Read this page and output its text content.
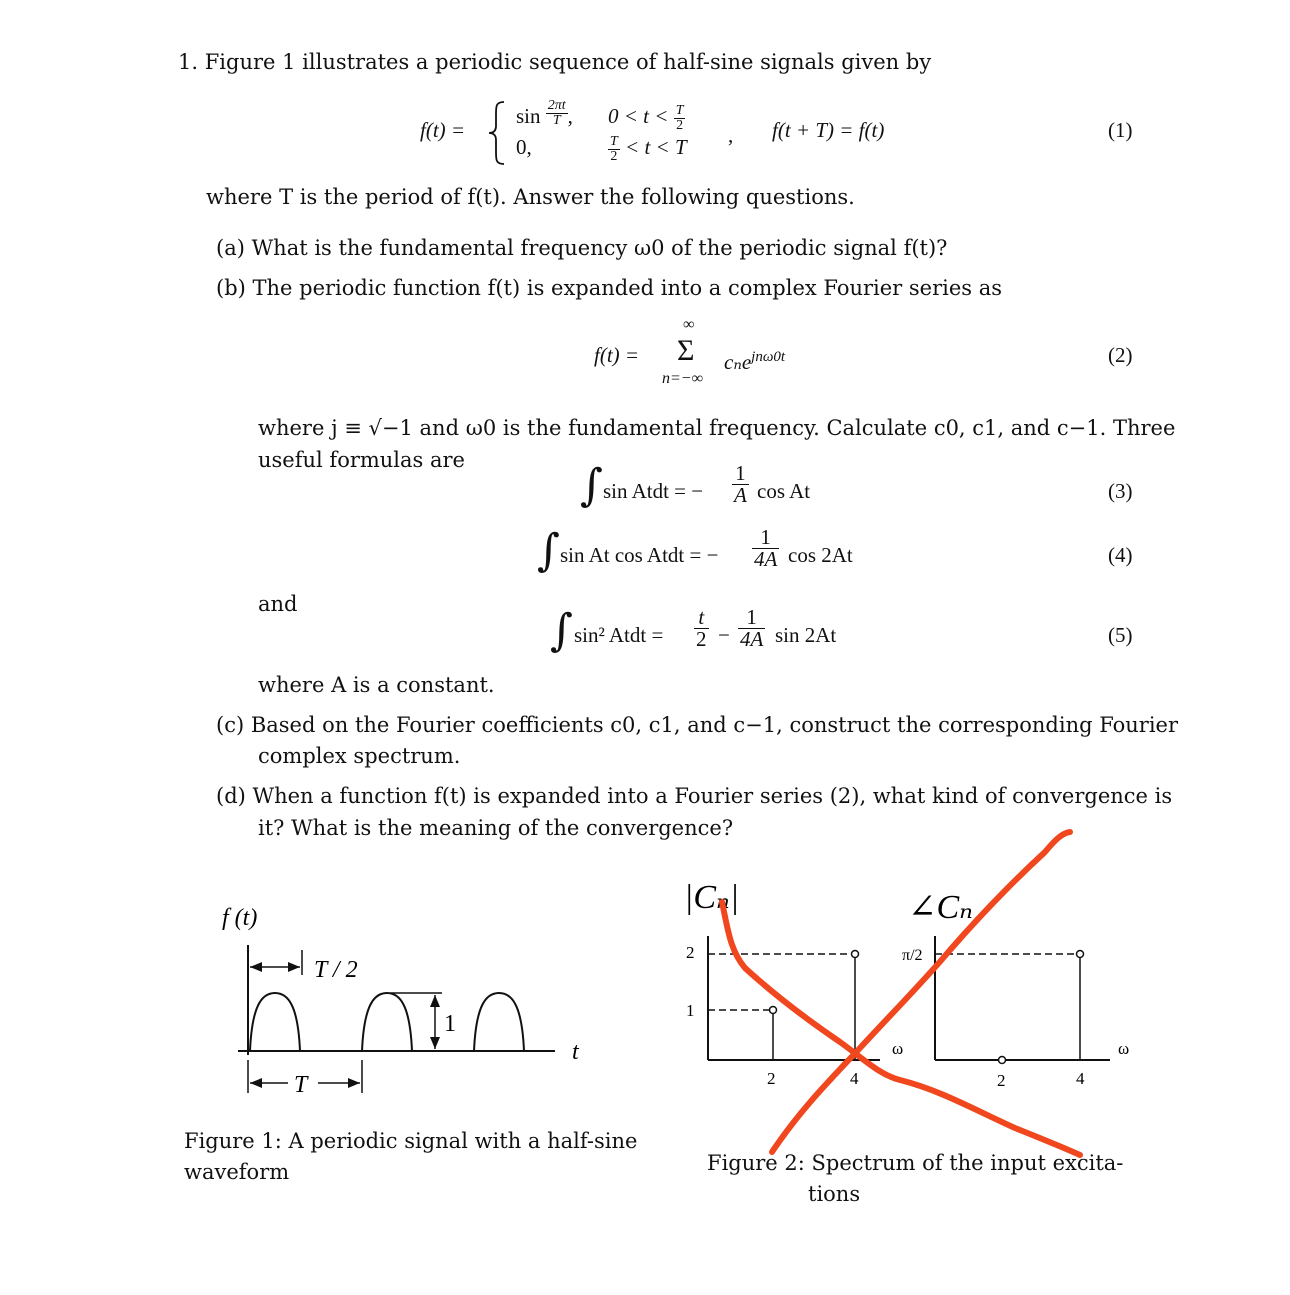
1. Figure 1 illustrates a periodic sequence of half-sine signals given by
f(t) =
$\sin \frac{2\pi t}{T}$ , $0 < t < \frac{T}{2}$
0,	$\frac{T}{2} < t < T$ , f(t + T) = f(t)	(1)
where T is the period of f(t). Answer the following questions.
(a) What is the fundamental frequency ω0 of the periodic signal f(t)?
(b) The periodic function f(t) is expanded into a complex Fourier series as
f(t) =
∞
Σ
n=−∞
cₙe$^{jn\omega 0t}$	(2)
where j ≡ √−1 and ω0 is the fundamental frequency. Calculate c0, c1, and c−1. Three
useful formulas are	∫ sin Atdt = − $\frac{1}{A}$ cos At	(3)
∫ sin At cos Atdt = − $\frac{1}{4A}$ cos 2At	(4)
and
∫ sin² Atdt = $\frac{t}{2} - \frac{1}{4A}$ sin 2At	(5)
where A is a constant.
(c) Based on the Fourier coefficients c0, c1, and c−1, construct the corresponding Fourier
complex spectrum.
(d) When a function f(t) is expanded into a Fourier series (2), what kind of convergence is
it? What is the meaning of the convergence?
f (t)
T / 2
1
t
T
Figure 1: A periodic signal with a half-sine
waveform
|Cₙ|
2
1
2	4
ω
∠Cₙ
π/2
2	4
ω
Figure 2: Spectrum of the input excita-
tions
